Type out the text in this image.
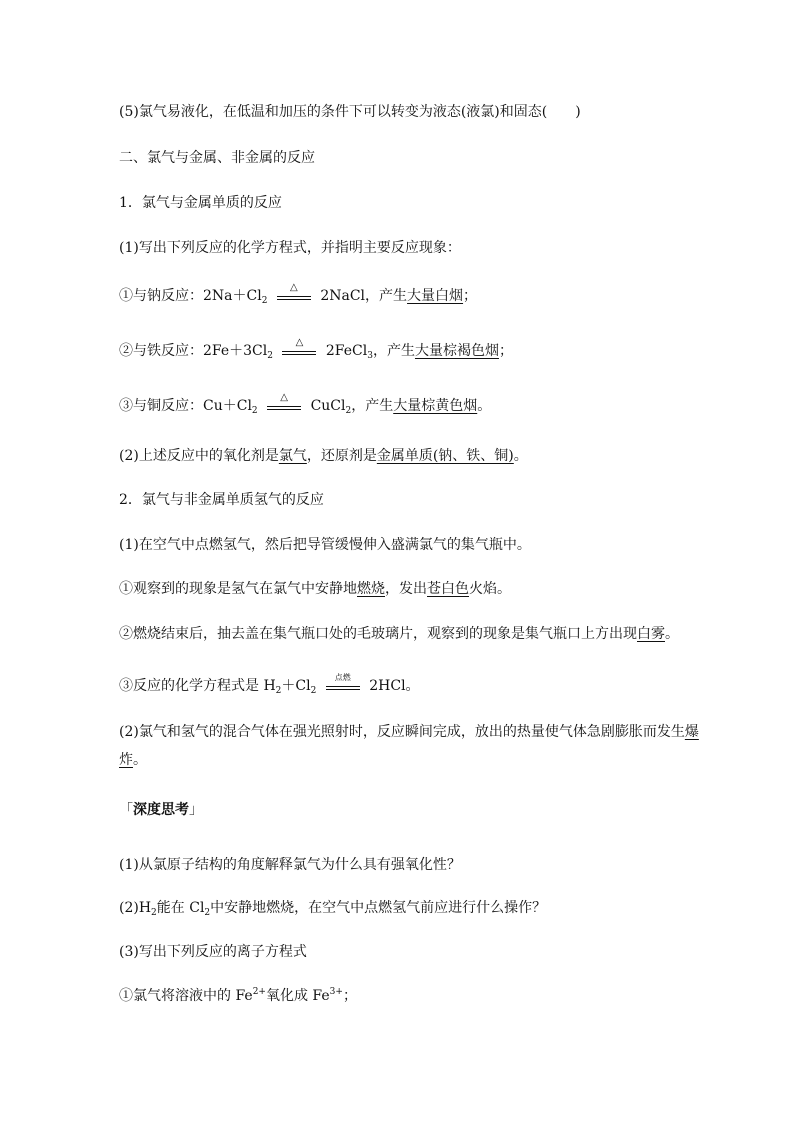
(5)氯气易液化，在低温和加压的条件下可以转变为液态(液氯)和固态(　　)
二、氯气与金属、非金属的反应
1．氯气与金属单质的反应
(1)写出下列反应的化学方程式，并指明主要反应现象：
①与钠反应：$2Na+Cl_2$
△
2NaCl，产生大量白烟；
②与铁反应：$2Fe+3Cl_2$
△
2FeCl$_3$，产生大量棕褐色烟；
③与铜反应：$Cu+Cl_2$
△
CuCl$_2$，产生大量棕黄色烟。
(2)上述反应中的氧化剂是氯气，还原剂是金属单质(钠、铁、铜)。
2．氯气与非金属单质氢气的反应
(1)在空气中点燃氢气，然后把导管缓慢伸入盛满氯气的集气瓶中。
①观察到的现象是氢气在氯气中安静地燃烧，发出苍白色火焰。
②燃烧结束后，抽去盖在集气瓶口处的毛玻璃片，观察到的现象是集气瓶口上方出现白雾。
③反应的化学方程式是 $H_2+Cl_2$
点燃
2HCl。
(2)氯气和氢气的混合气体在强光照射时，反应瞬间完成，放出的热量使气体急剧膨胀而发生爆炸。
「深度思考」
(1)从氯原子结构的角度解释氯气为什么具有强氧化性？
$(2)H_2$能在 $Cl_2$中安静地燃烧，在空气中点燃氢气前应进行什么操作？
(3)写出下列反应的离子方程式
①氯气将溶液中的 $Fe^{2+}$氧化成 $Fe^{3+}$；
